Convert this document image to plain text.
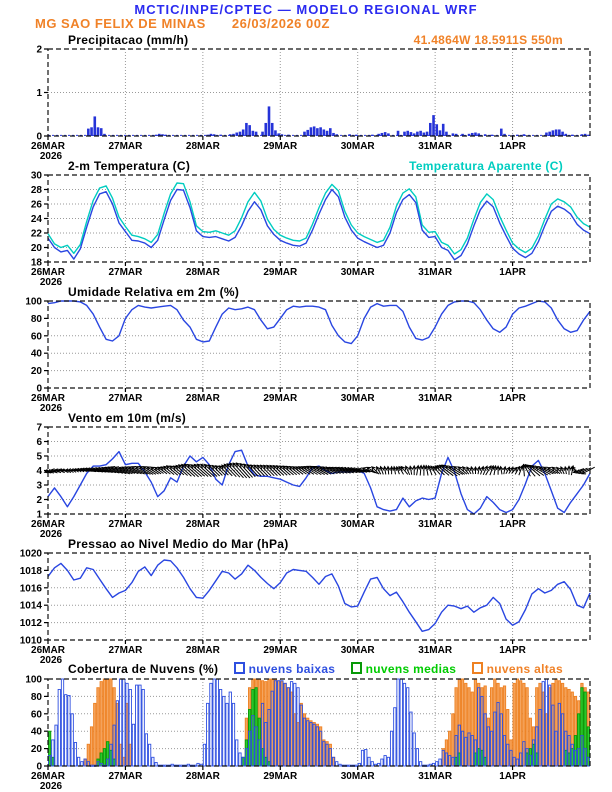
MCTIC/INPE/CPTEC — MODELO REGIONAL WRF
MG SAO FELIX DE MINAS 26/03/2026 00Z
Precipitacao (mm/h)	41.4864W 18.5911S 550m
2-m Temperatura (C)	Temperatura Aparente (C)
Umidade Relativa em 2m (%)
Vento em 10m (m/s)
Pressao ao Nivel Medio do Mar (hPa)
Cobertura de Nuvens (%)	nuvens baixas	nuvens medias	nuvens altas
0
1
2
26MAR
2026
27MAR	28MAR	29MAR	30MAR	31MAR	1APR
18
20
22
24
26
28
30
26MAR
2026
27MAR	28MAR	29MAR	30MAR	31MAR	1APR
0
20
40
60
80
100
26MAR
2026
27MAR	28MAR	29MAR	30MAR	31MAR	1APR
1
2
3
4
5
6
7
26MAR
2026
27MAR	28MAR	29MAR	30MAR	31MAR	1APR
1010
1012
1014
1016
1018
1020
26MAR
2026
27MAR	28MAR	29MAR	30MAR	31MAR	1APR
0
20
40
60
80
100
26MAR
2026
27MAR	28MAR	29MAR	30MAR	31MAR	1APR
